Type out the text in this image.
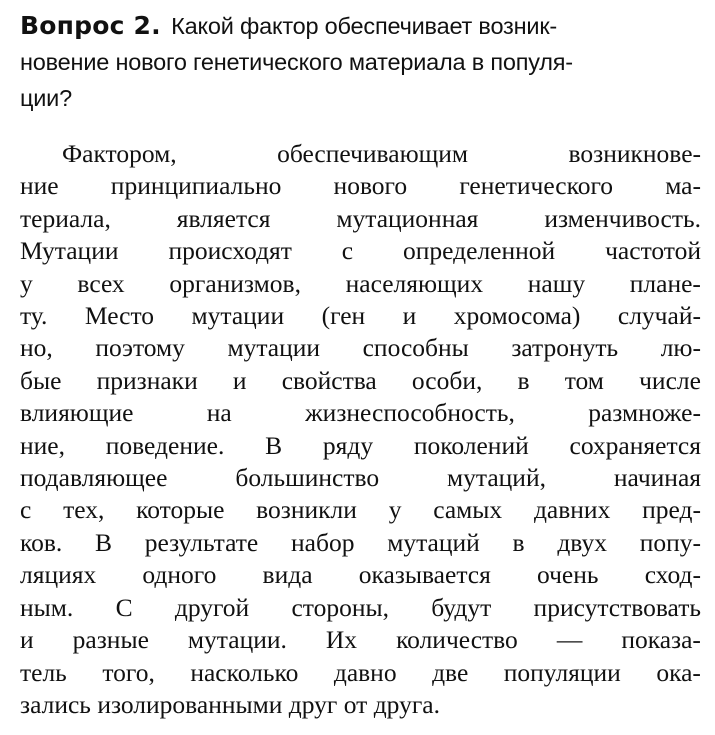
Вопрос 2. Какой фактор обеспечивает возник-
новение нового генетического материала в популя-
ции?
Фактором,	обеспечивающим	возникнове-
ние принципиально нового генетического ма-
териала,	является	мутационная	изменчивость.
Мутации происходят с определенной частотой
у всех организмов, населяющих нашу плане-
ту. Место мутации (ген и хромосома) случай-
но, поэтому мутации способны затронуть лю-
бые признаки и свойства особи, в том числе
влияющие	на	жизнеспособность,	размноже-
ние, поведение. В ряду поколений сохраняется
подавляющее	большинство	мутаций,	начиная
с тех, которые возникли у самых давних пред-
ков. В результате набор мутаций в двух попу-
ляциях одного вида оказывается очень сход-
ным. С другой стороны, будут присутствовать
и разные мутации. Их количество — показа-
тель того, насколько давно две популяции ока-
зались изолированными друг от друга.
